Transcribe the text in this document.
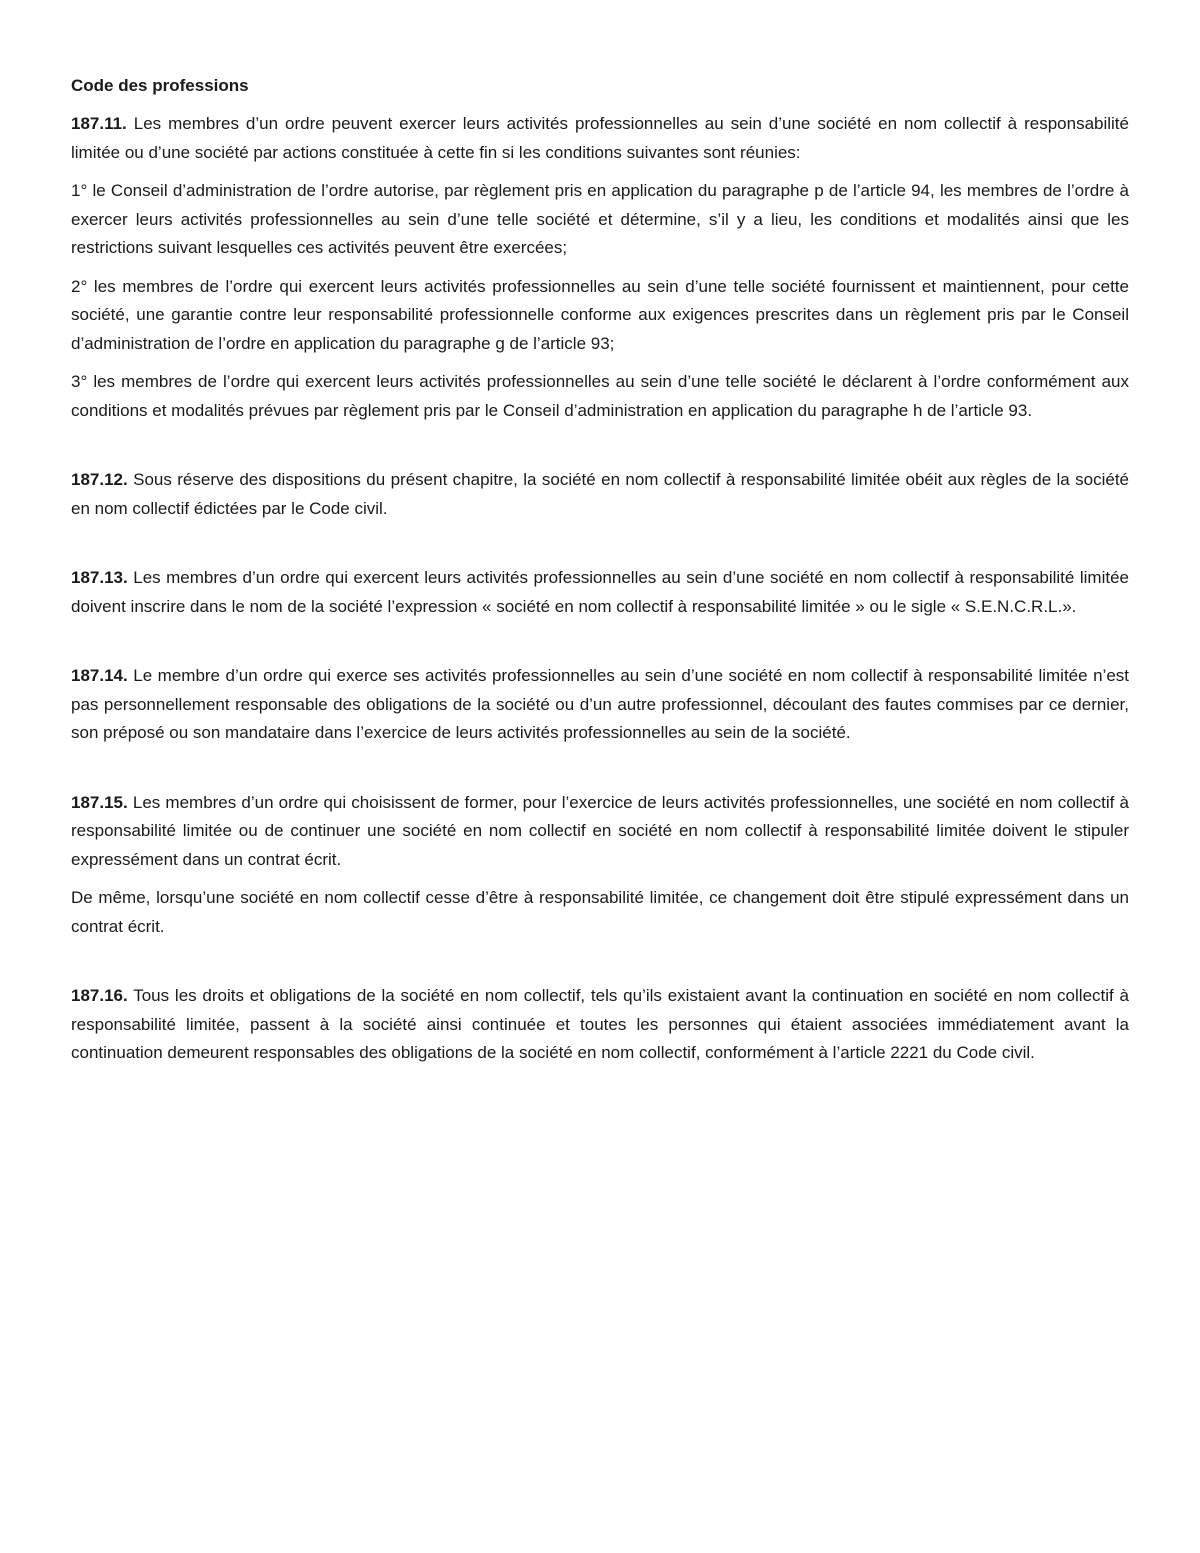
Code des professions

187.11. Les membres d’un ordre peuvent exercer leurs activités professionnelles au sein d’une société en nom collectif à responsabilité limitée ou d’une société par actions constituée à cette fin si les conditions suivantes sont réunies:

1° le Conseil d’administration de l’ordre autorise, par règlement pris en application du paragraphe p de l’article 94, les membres de l’ordre à exercer leurs activités professionnelles au sein d’une telle société et détermine, s’il y a lieu, les conditions et modalités ainsi que les restrictions suivant lesquelles ces activités peuvent être exercées;

2° les membres de l’ordre qui exercent leurs activités professionnelles au sein d’une telle société fournissent et maintiennent, pour cette société, une garantie contre leur responsabilité professionnelle conforme aux exigences prescrites dans un règlement pris par le Conseil d’administration de l’ordre en application du paragraphe g de l’article 93;

3° les membres de l’ordre qui exercent leurs activités professionnelles au sein d’une telle société le déclarent à l’ordre conformément aux conditions et modalités prévues par règlement pris par le Conseil d’administration en application du paragraphe h de l’article 93.

187.12. Sous réserve des dispositions du présent chapitre, la société en nom collectif à responsabilité limitée obéit aux règles de la société en nom collectif édictées par le Code civil.

187.13. Les membres d’un ordre qui exercent leurs activités professionnelles au sein d’une société en nom collectif à responsabilité limitée doivent inscrire dans le nom de la société l’expression « société en nom collectif à responsabilité limitée » ou le sigle « S.E.N.C.R.L.».

187.14. Le membre d’un ordre qui exerce ses activités professionnelles au sein d’une société en nom collectif à responsabilité limitée n’est pas personnellement responsable des obligations de la société ou d’un autre professionnel, découlant des fautes commises par ce dernier, son préposé ou son mandataire dans l’exercice de leurs activités professionnelles au sein de la société.

187.15. Les membres d’un ordre qui choisissent de former, pour l’exercice de leurs activités professionnelles, une société en nom collectif à responsabilité limitée ou de continuer une société en nom collectif en société en nom collectif à responsabilité limitée doivent le stipuler expressément dans un contrat écrit.

De même, lorsqu’une société en nom collectif cesse d’être à responsabilité limitée, ce changement doit être stipulé expressément dans un contrat écrit.

187.16. Tous les droits et obligations de la société en nom collectif, tels qu’ils existaient avant la continuation en société en nom collectif à responsabilité limitée, passent à la société ainsi continuée et toutes les personnes qui étaient associées immédiatement avant la continuation demeurent responsables des obligations de la société en nom collectif, conformément à l’article 2221 du Code civil.
